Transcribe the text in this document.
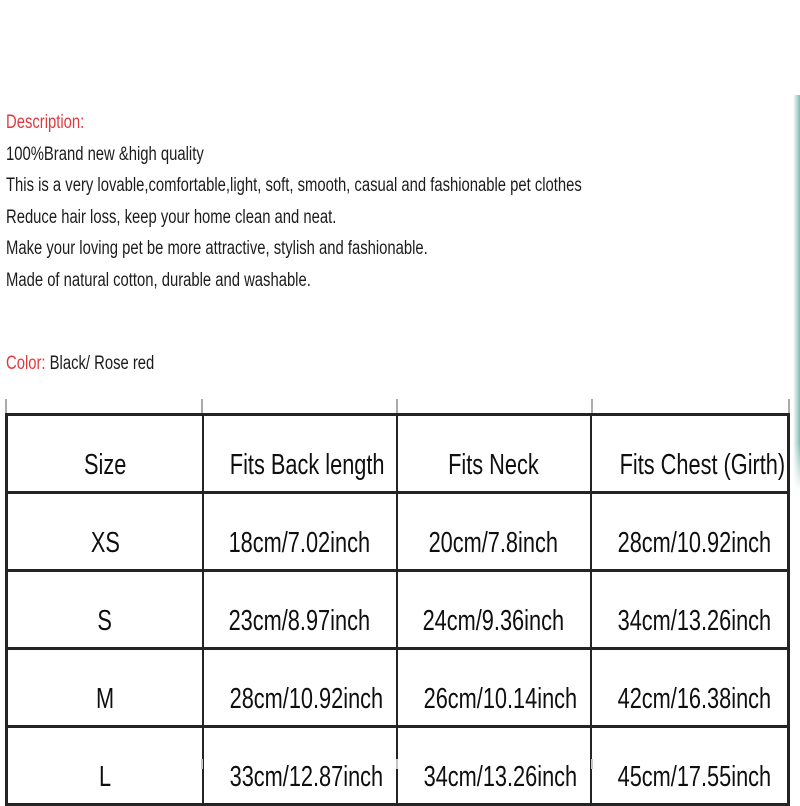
Description:
100%Brand new &high quality
This is a very lovable,comfortable,light, soft, smooth, casual and fashionable pet clothes
Reduce hair loss, keep your home clean and neat.
Make your loving pet be more attractive, stylish and fashionable.
Made of natural cotton, durable and washable.
Color: Black/ Rose red
Size	Fits Back length	Fits Neck	Fits Chest (Girth)
XS	18cm/7.02inch	20cm/7.8inch	28cm/10.92inch
S	23cm/8.97inch	24cm/9.36inch	34cm/13.26inch
M	28cm/10.92inch	26cm/10.14inch	42cm/16.38inch
L	33cm/12.87inch	34cm/13.26inch	45cm/17.55inch
